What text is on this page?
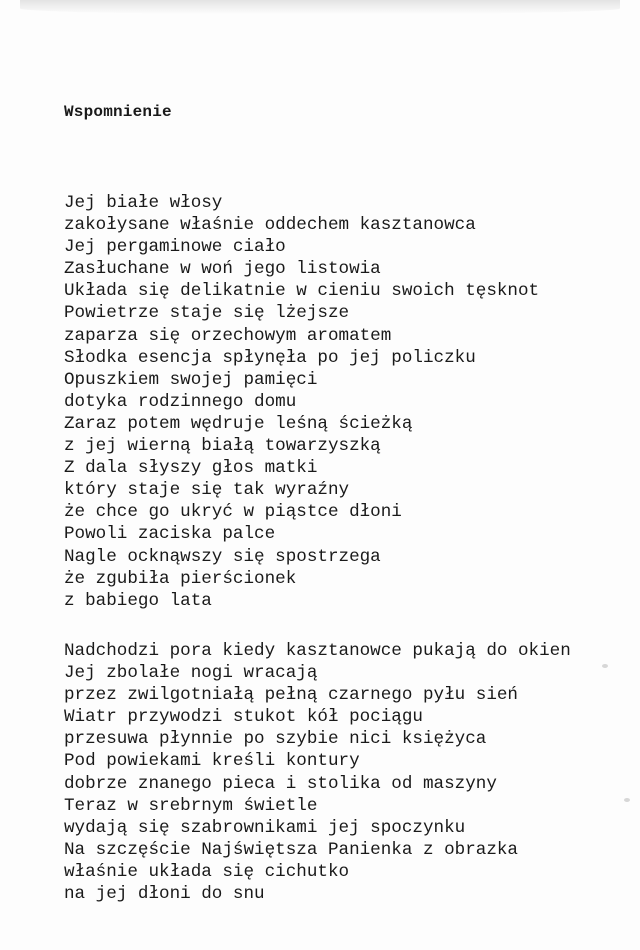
Wspomnienie
Jej białe włosy
zakołysane właśnie oddechem kasztanowca
Jej pergaminowe ciało
Zasłuchane w woń jego listowia
Układa się delikatnie w cieniu swoich tęsknot
Powietrze staje się lżejsze
zaparza się orzechowym aromatem
Słodka esencja spłynęła po jej policzku
Opuszkiem swojej pamięci
dotyka rodzinnego domu
Zaraz potem wędruje leśną ścieżką
z jej wierną białą towarzyszką
Z dala słyszy głos matki
który staje się tak wyraźny
że chce go ukryć w piąstce dłoni
Powoli zaciska palce
Nagle ocknąwszy się spostrzega
że zgubiła pierścionek
z babiego lata
Nadchodzi pora kiedy kasztanowce pukają do okien
Jej zbolałe nogi wracają
przez zwilgotniałą pełną czarnego pyłu sień
Wiatr przywodzi stukot kół pociągu
przesuwa płynnie po szybie nici księżyca
Pod powiekami kreśli kontury
dobrze znanego pieca i stolika od maszyny
Teraz w srebrnym świetle
wydają się szabrownikami jej spoczynku
Na szczęście Najświętsza Panienka z obrazka
właśnie układa się cichutko
na jej dłoni do snu
